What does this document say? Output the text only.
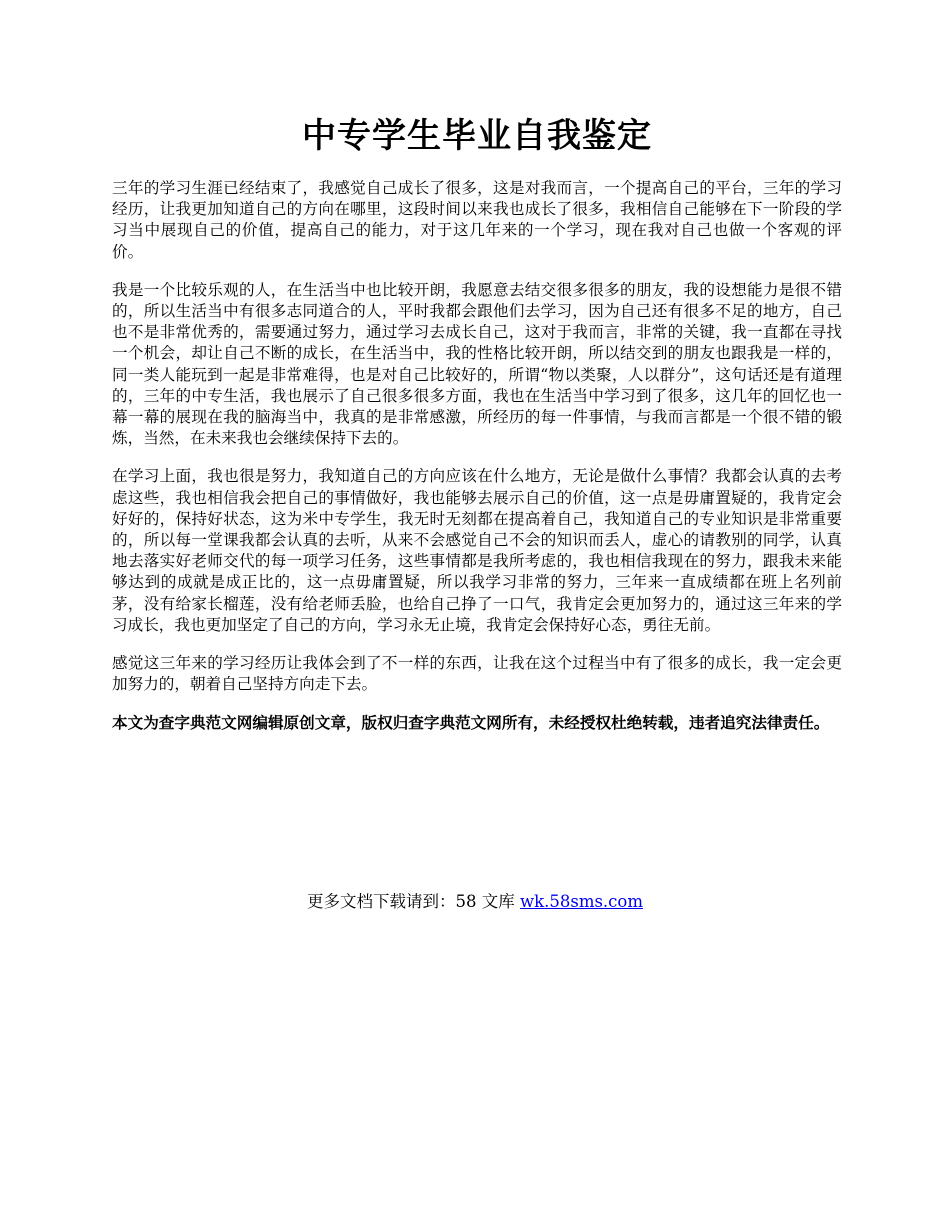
中专学生毕业自我鉴定

三年的学习生涯已经结束了，我感觉自己成长了很多，这是对我而言，一个提高自己的平台，三年的学习经历，让我更加知道自己的方向在哪里，这段时间以来我也成长了很多，我相信自己能够在下一阶段的学习当中展现自己的价值，提高自己的能力，对于这几年来的一个学习，现在我对自己也做一个客观的评价。

我是一个比较乐观的人，在生活当中也比较开朗，我愿意去结交很多很多的朋友，我的设想能力是很不错的，所以生活当中有很多志同道合的人，平时我都会跟他们去学习，因为自己还有很多不足的地方，自己也不是非常优秀的，需要通过努力，通过学习去成长自己，这对于我而言，非常的关键，我一直都在寻找一个机会，却让自己不断的成长，在生活当中，我的性格比较开朗，所以结交到的朋友也跟我是一样的，同一类人能玩到一起是非常难得，也是对自己比较好的，所谓“物以类聚，人以群分”，这句话还是有道理的，三年的中专生活，我也展示了自己很多很多方面，我也在生活当中学习到了很多，这几年的回忆也一幕一幕的展现在我的脑海当中，我真的是非常感激，所经历的每一件事情，与我而言都是一个很不错的锻炼，当然，在未来我也会继续保持下去的。

在学习上面，我也很是努力，我知道自己的方向应该在什么地方，无论是做什么事情？我都会认真的去考虑这些，我也相信我会把自己的事情做好，我也能够去展示自己的价值，这一点是毋庸置疑的，我肯定会好好的，保持好状态，这为米中专学生，我无时无刻都在提高着自己，我知道自己的专业知识是非常重要的，所以每一堂课我都会认真的去听，从来不会感觉自己不会的知识而丢人，虚心的请教别的同学，认真地去落实好老师交代的每一项学习任务，这些事情都是我所考虑的，我也相信我现在的努力，跟我未来能够达到的成就是成正比的，这一点毋庸置疑，所以我学习非常的努力，三年来一直成绩都在班上名列前茅，没有给家长榴莲，没有给老师丢脸，也给自己挣了一口气，我肯定会更加努力的，通过这三年来的学习成长，我也更加坚定了自己的方向，学习永无止境，我肯定会保持好心态，勇往无前。

感觉这三年来的学习经历让我体会到了不一样的东西，让我在这个过程当中有了很多的成长，我一定会更加努力的，朝着自己坚持方向走下去。

本文为查字典范文网编辑原创文章，版权归查字典范文网所有，未经授权杜绝转载，违者追究法律责任。

更多文档下载请到：58 文库 wk.58sms.com
